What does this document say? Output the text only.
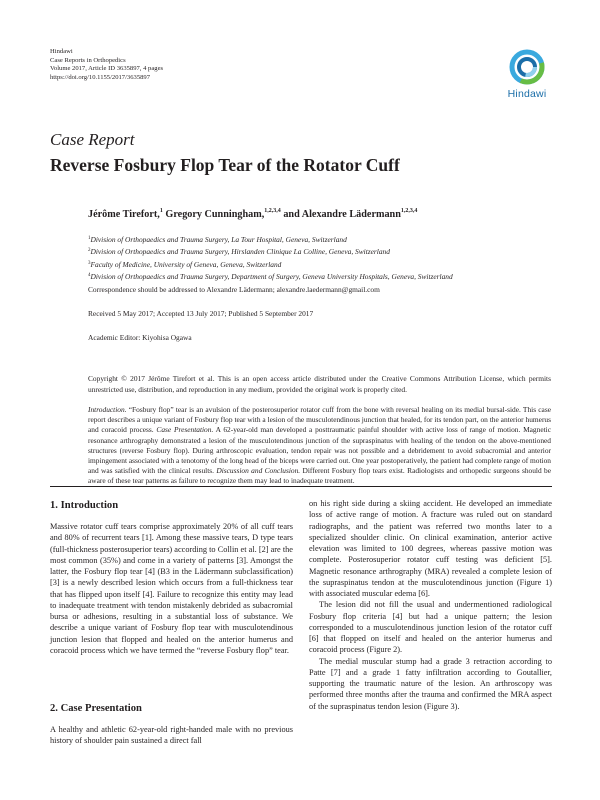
Hindawi
Case Reports in Orthopedics
Volume 2017, Article ID 3635897, 4 pages
https://doi.org/10.1155/2017/3635897
Hindawi
Case Report
Reverse Fosbury Flop Tear of the Rotator Cuff
Jérôme Tirefort,$^1$ Gregory Cunningham,$^{1,2,3,4}$ and Alexandre Lädermann$^{1,2,3,4}$
$^1$Division of Orthopaedics and Trauma Surgery, La Tour Hospital, Geneva, Switzerland
$^2$Division of Orthopaedics and Trauma Surgery, Hirslanden Clinique La Colline, Geneva, Switzerland
$^3$Faculty of Medicine, University of Geneva, Geneva, Switzerland
$^4$Division of Orthopaedics and Trauma Surgery, Department of Surgery, Geneva University Hospitals, Geneva, Switzerland
Correspondence should be addressed to Alexandre Lädermann; alexandre.laedermann@gmail.com
Received 5 May 2017; Accepted 13 July 2017; Published 5 September 2017
Academic Editor: Kiyohisa Ogawa
Copyright © 2017 Jérôme Tirefort et al. This is an open access article distributed under the Creative Commons Attribution License, which permits unrestricted use, distribution, and reproduction in any medium, provided the original work is properly cited.
Introduction. “Fosbury flop” tear is an avulsion of the posterosuperior rotator cuff from the bone with reversal healing on its medial bursal-side. This case report describes a unique variant of Fosbury flop tear with a lesion of the musculotendinous junction that healed, for its tendon part, on the anterior humerus and coracoid process. Case Presentation. A 62-year-old man developed a posttraumatic painful shoulder with active loss of range of motion. Magnetic resonance arthrography demonstrated a lesion of the musculotendinous junction of the supraspinatus with healing of the tendon on the above-mentioned structures (reverse Fosbury flop). During arthroscopic evaluation, tendon repair was not possible and a debridement to avoid subacromial and anterior impingement associated with a tenotomy of the long head of the biceps were carried out. One year postoperatively, the patient had complete range of motion and was satisfied with the clinical results. Discussion and Conclusion. Different Fosbury flop tears exist. Radiologists and orthopedic surgeons should be aware of these tear patterns as failure to recognize them may lead to inadequate treatment.
1. Introduction

Massive rotator cuff tears comprise approximately 20% of all cuff tears and 80% of recurrent tears [1]. Among these massive tears, D type tears (full-thickness posterosuperior tears) according to Collin et al. [2] are the most common (35%) and come in a variety of patterns [3]. Amongst the latter, the Fosbury flop tear [4] (B3 in the Lädermann subclassification) [3] is a newly described lesion which occurs from a full-thickness tear that has flipped upon itself [4]. Failure to recognize this entity may lead to inadequate treatment with tendon mistakenly debrided as subacromial bursa or adhesions, resulting in a substantial loss of substance. We describe a unique variant of Fosbury flop tear with musculotendinous junction lesion that flopped and healed on the anterior humerus and coracoid process which we have termed the “reverse Fosbury flop” tear.

2. Case Presentation

A healthy and athletic 62-year-old right-handed male with no previous history of shoulder pain sustained a direct fall

on his right side during a skiing accident. He developed an immediate loss of active range of motion. A fracture was ruled out on standard radiographs, and the patient was referred two months later to a specialized shoulder clinic. On clinical examination, anterior active elevation was limited to 100 degrees, whereas passive motion was complete. Posterosuperior rotator cuff testing was deficient [5]. Magnetic resonance arthrography (MRA) revealed a complete lesion of the supraspinatus tendon at the musculotendinous junction (Figure 1) with associated muscular edema [6].

The lesion did not fill the usual and undermentioned radiological Fosbury flop criteria [4] but had a unique pattern; the lesion corresponded to a musculotendinous junction lesion of the rotator cuff [6] that flopped on itself and healed on the anterior humerus and coracoid process (Figure 2).

The medial muscular stump had a grade 3 retraction according to Patte [7] and a grade 1 fatty infiltration according to Goutallier, supporting the traumatic nature of the lesion. An arthroscopy was performed three months after the trauma and confirmed the MRA aspect of the supraspinatus tendon lesion (Figure 3).
